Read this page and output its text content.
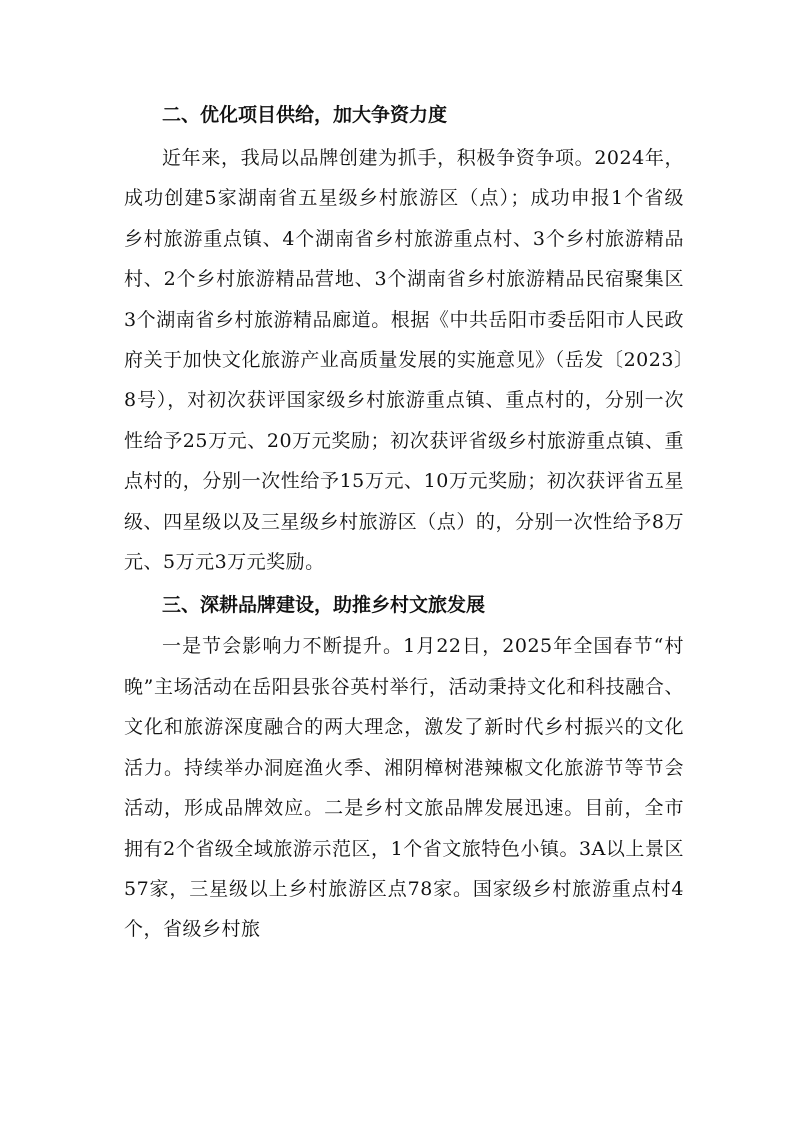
二、优化项目供给，加大争资力度

近年来，我局以品牌创建为抓手，积极争资争项。2024年，成功创建5家湖南省五星级乡村旅游区（点）；成功申报1个省级乡村旅游重点镇、4个湖南省乡村旅游重点村、3个乡村旅游精品村、2个乡村旅游精品营地、3个湖南省乡村旅游精品民宿聚集区3个湖南省乡村旅游精品廊道。根据《中共岳阳市委岳阳市人民政府关于加快文化旅游产业高质量发展的实施意见》（岳发〔2023〕8号），对初次获评国家级乡村旅游重点镇、重点村的，分别一次性给予25万元、20万元奖励；初次获评省级乡村旅游重点镇、重点村的，分别一次性给予15万元、10万元奖励；初次获评省五星级、四星级以及三星级乡村旅游区（点）的，分别一次性给予8万元、5万元3万元奖励。

三、深耕品牌建设，助推乡村文旅发展

一是节会影响力不断提升。1月22日，2025年全国春节“村晚”主场活动在岳阳县张谷英村举行，活动秉持文化和科技融合、文化和旅游深度融合的两大理念，激发了新时代乡村振兴的文化活力。持续举办洞庭渔火季、湘阴樟树港辣椒文化旅游节等节会活动，形成品牌效应。二是乡村文旅品牌发展迅速。目前，全市拥有2个省级全域旅游示范区，1个省文旅特色小镇。3A以上景区57家，三星级以上乡村旅游区点78家。国家级乡村旅游重点村4个，省级乡村旅
